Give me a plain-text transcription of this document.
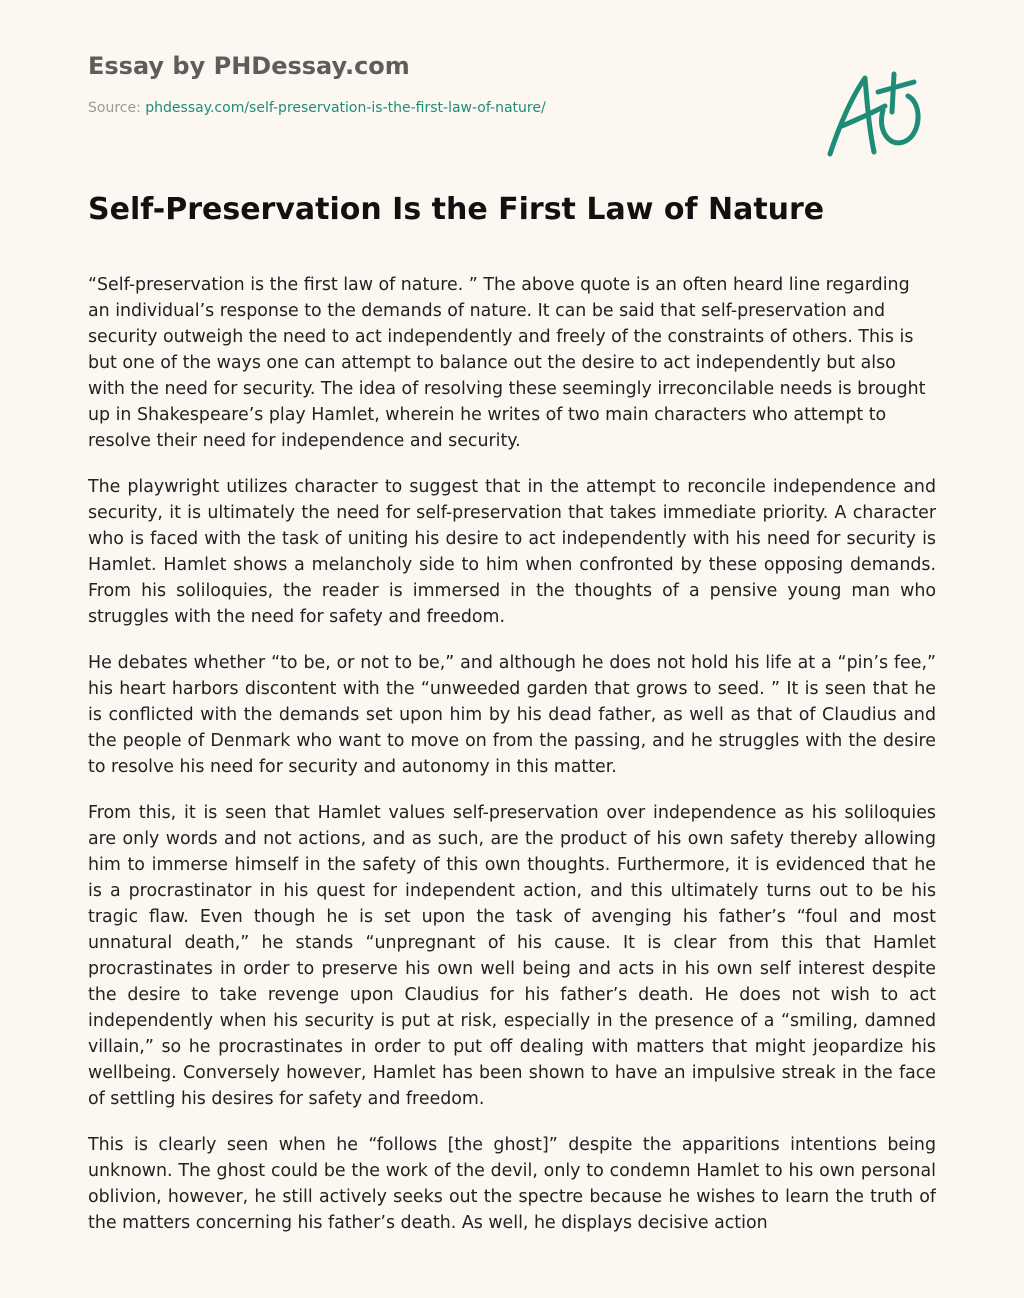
Essay by PHDessay.com
Source: phdessay.com/self-preservation-is-the-first-law-of-nature/
Self-Preservation Is the First Law of Nature

“Self-preservation is the first law of nature. ” The above quote is an often heard line regarding an individual’s response to the demands of nature. It can be said that self-preservation and security outweigh the need to act independently and freely of the constraints of others. This is but one of the ways one can attempt to balance out the desire to act independently but also with the need for security. The idea of resolving these seemingly irreconcilable needs is brought up in Shakespeare’s play Hamlet, wherein he writes of two main characters who attempt to resolve their need for independence and security.

The playwright utilizes character to suggest that in the attempt to reconcile independence and security, it is ultimately the need for self-preservation that takes immediate priority. A character who is faced with the task of uniting his desire to act independently with his need for security is Hamlet. Hamlet shows a melancholy side to him when confronted by these opposing demands. From his soliloquies, the reader is immersed in the thoughts of a pensive young man who struggles with the need for safety and freedom.

He debates whether “to be, or not to be,” and although he does not hold his life at a “pin’s fee,” his heart harbors discontent with the “unweeded garden that grows to seed. ” It is seen that he is conflicted with the demands set upon him by his dead father, as well as that of Claudius and the people of Denmark who want to move on from the passing, and he struggles with the desire to resolve his need for security and autonomy in this matter.

From this, it is seen that Hamlet values self-preservation over independence as his soliloquies are only words and not actions, and as such, are the product of his own safety thereby allowing him to immerse himself in the safety of this own thoughts. Furthermore, it is evidenced that he is a procrastinator in his quest for independent action, and this ultimately turns out to be his tragic flaw. Even though he is set upon the task of avenging his father’s “foul and most unnatural death,” he stands “unpregnant of his cause. It is clear from this that Hamlet procrastinates in order to preserve his own well being and acts in his own self interest despite the desire to take revenge upon Claudius for his father’s death. He does not wish to act independently when his security is put at risk, especially in the presence of a “smiling, damned villain,” so he procrastinates in order to put off dealing with matters that might jeopardize his wellbeing. Conversely however, Hamlet has been shown to have an impulsive streak in the face of settling his desires for safety and freedom.

This is clearly seen when he “follows [the ghost]” despite the apparitions intentions being unknown. The ghost could be the work of the devil, only to condemn Hamlet to his own personal oblivion, however, he still actively seeks out the spectre because he wishes to learn the truth of the matters concerning his father’s death. As well, he displays decisive action
